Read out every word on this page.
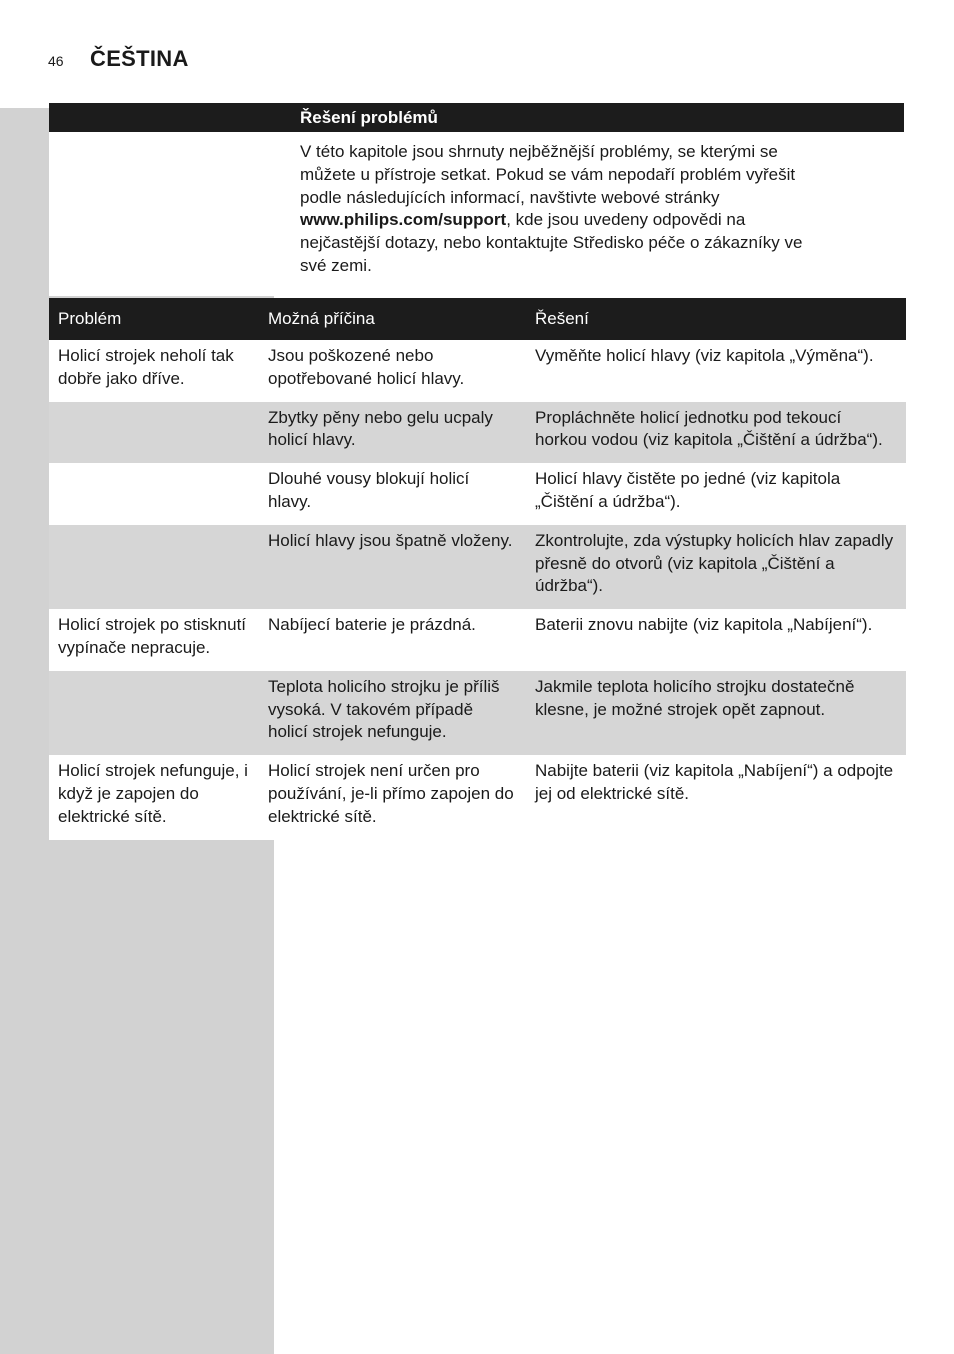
46 ČEŠTINA
Řešení problémů

V této kapitole jsou shrnuty nejběžnější problémy, se kterými se můžete u přístroje setkat. Pokud se vám nepodaří problém vyřešit podle následujících informací, navštivte webové stránky www.philips.com/support, kde jsou uvedeny odpovědi na nejčastější dotazy, nebo kontaktujte Středisko péče o zákazníky ve své zemi.

Problém	Možná příčina	Řešení
Holicí strojek neholí tak dobře jako dříve.	Jsou poškozené nebo opotřebované holicí hlavy.	Vyměňte holicí hlavy (viz kapitola „Výměna“).
	Zbytky pěny nebo gelu ucpaly holicí hlavy.	Propláchněte holicí jednotku pod tekoucí horkou vodou (viz kapitola „Čištění a údržba“).
	Dlouhé vousy blokují holicí hlavy.	Holicí hlavy čistěte po jedné (viz kapitola „Čištění a údržba“).
	Holicí hlavy jsou špatně vloženy.	Zkontrolujte, zda výstupky holicích hlav zapadly přesně do otvorů (viz kapitola „Čištění a údržba“).
Holicí strojek po stisknutí vypínače nepracuje.	Nabíjecí baterie je prázdná.	Baterii znovu nabijte (viz kapitola „Nabíjení“).
	Teplota holicího strojku je příliš vysoká. V takovém případě holicí strojek nefunguje.	Jakmile teplota holicího strojku dostatečně klesne, je možné strojek opět zapnout.
Holicí strojek nefunguje, i když je zapojen do elektrické sítě.	Holicí strojek není určen pro používání, je-li přímo zapojen do elektrické sítě.	Nabijte baterii (viz kapitola „Nabíjení“) a odpojte jej od elektrické sítě.
